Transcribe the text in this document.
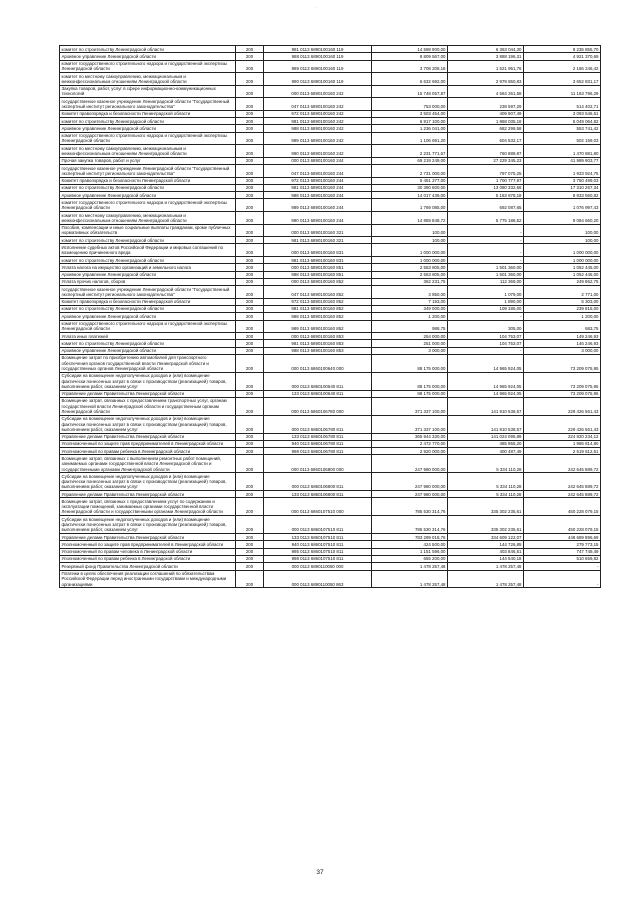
'
комитет по строительству Ленинградской области	200	981 0113 6890100160 119	14 598 900,00	6 363 044,30	8 235 855,70
Архивное управление Ленинградской области	200	988 0113 6890100160 119	8 809 567,00	3 888 196,31	4 921 370,69
комитет государственного строительного надзора и государственной экспертизы Ленинградской области	200	989 0113 6890100160 119	3 708 208,18	1 521 961,76	2 186 246,42
комитет по местному самоуправлению, межнациональным и межконфессиональным отношениям Ленинградской области	200	990 0113 6890100160 119	6 632 692,00	2 979 850,83	3 652 831,17
Закупка товаров, работ, услуг в сфере информационно-коммуникационных технологий	200	000 0113 6890100160 242	15 748 057,87	4 584 261,58	11 163 796,29
государственное казенное учреждение Ленинградской области "Государственный экспертный институт регионального законодательства"	200	047 0113 6890100160 242	753 000,00	238 597,29	514 402,71
Комитет правопорядка и безопасности Ленинградской области	200	972 0113 6890100160 242	3 503 454,00	409 907,49	3 093 546,51
комитет по строительству Ленинградской области	200	981 0113 6890100160 242	6 917 100,00	1 868 035,18	5 049 064,82
Архивное управление Ленинградской области	200	988 0113 6890100160 242	1 236 041,00	682 299,58	553 741,42
комитет государственного строительного надзора и государственной экспертизы Ленинградской области	200	989 0113 6890100160 242	1 106 691,20	604 532,17	502 159,03
комитет по местному самоуправлению, межнациональным и межконфессиональным отношениям Ленинградской области	200	990 0113 6890100160 242	2 231 771,67	760 889,87	1 470 881,80
Прочая закупка товаров, работ и услуг	200	000 0113 6890100160 244	69 219 249,00	27 229 345,23	41 989 903,77
государственное казенное учреждение Ленинградской области "Государственный экспертный институт регионального законодательства"	200	047 0113 6890100160 244	2 731 000,00	797 075,25	1 933 924,75
Комитет правопорядка и безопасности Ленинградской области	200	972 0113 6890100160 244	5 451 277,00	1 700 777,97	3 750 499,03
комитет по строительству Ленинградской области	200	981 0113 6890100160 244	30 390 600,00	13 080 332,66	17 310 267,34
Архивное управление Ленинградской области	200	988 0113 6890100160 244	14 017 439,00	5 183 878,18	8 833 560,82
комитет государственного строительного надзора и государственной экспертизы Ленинградской области	200	989 0113 6890100160 244	1 769 085,00	692 087,65	1 076 997,43
комитет по местному самоуправлению, межнациональным и межконфессиональным отношениям Ленинградской области	200	990 0113 6890100160 244	14 859 848,72	5 775 188,52	9 084 660,20
Пособия, компенсации и иные социальные выплаты гражданам, кроме публичных нормативных обязательств	200	000 0113 6890100160 321	100,00	-	100,00
комитет по строительству Ленинградской области	200	981 0113 6890100160 321	100,00	-	100,00
Исполнение судебных актов Российской Федерации и мировых соглашений по возмещению причиненного вреда	200	000 0113 6890100160 831	1 000 000,00	-	1 000 000,00
комитет по строительству Ленинградской области	200	981 0113 6890100160 831	1 000 000,00	-	1 000 000,00
Уплата налога на имущество организаций и земельного налога	200	000 0113 6890100160 851	2 553 805,00	1 501 360,00	1 052 445,00
Архивное управление Ленинградской области	200	988 0113 6890100160 851	2 553 805,00	1 501 360,00	1 052 445,00
Уплата прочих налогов, сборов	200	000 0113 6890100160 852	362 231,75	112 369,00	249 862,75
государственное казенное учреждение Ленинградской области "Государственный экспертный институт регионального законодательства"	200	047 0113 6890100160 852	3 850,00	1 079,00	2 771,00
Комитет правопорядка и безопасности Ленинградской области	200	972 0113 6890100160 852	7 193,00	1 890,00	5 303,00
комитет по строительству Ленинградской области	200	981 0113 6890100160 852	349 000,00	109 185,00	239 815,00
Архивное управление Ленинградской области	200	988 0113 6890100160 852	1 200,00	-	1 200,00
комитет государственного строительного надзора и государственной экспертизы Ленинградской области	200	989 0113 6890100160 852	988,75	305,00	683,75
Уплата иных платежей	200	000 0113 6890100160 853	254 000,00	104 753,07	149 246,93
комитет по строительству Ленинградской области	200	981 0113 6890100160 853	251 000,00	104 753,07	146 246,93
Архивное управление Ленинградской области	200	988 0113 6890100160 853	3 000,00	-	3 000,00
Возмещение затрат по приобретению автомобилей для транспортного обеспечения органов государственной власти Ленинградской области и государственных органов Ленинградской области	200	000 0113 6860100640 000	88 175 000,00	14 965 924,05	73 209 075,95
Субсидии на возмещение недополученных доходов и (или) возмещение фактически понесенных затрат в связи с производством (реализацией) товаров, выполнением работ, оказанием услуг	200	000 0113 6860100640 811	88 175 000,00	14 965 924,05	73 209 075,95
Управление делами Правительства Ленинградской области	200	133 0113 6860100640 811	88 175 000,00	14 965 924,05	73 209 075,95
Возмещение затрат, связанных с предоставлением транспортных услуг, органам государственной власти Ленинградской области и государственным органам Ленинградской области	200	000 0113 6860106780 000	371 337 100,00	141 910 538,57	229 426 561,43
Субсидии на возмещение недополученных доходов и (или) возмещение фактически понесенных затрат в связи с производством (реализацией) товаров, выполнением работ, оказанием услуг	200	000 0113 6860106780 811	371 337 100,00	141 910 538,57	229 426 561,43
Управление делами Правительства Ленинградской области	200	133 0113 6860106780 811	365 944 330,00	141 024 095,88	224 920 234,12
Уполномоченный по защите прав предпринимателей в Ленинградской области	200	940 0113 6860106780 811	2 472 770,00	485 955,20	1 986 814,80
Уполномоченный по правам ребенка в Ленинградской области	200	998 0113 6860106780 811	2 920 000,00	400 487,49	2 519 512,51
Возмещение затрат, связанных с выполнением ремонтных работ помещений, занимаемых органами государственной власти Ленинградской области и государственными органами Ленинградской области	200	000 0113 6860106800 000	247 980 000,00	5 334 110,28	242 645 889,72
Субсидии на возмещение недополученных доходов и (или) возмещение фактически понесенных затрат в связи с производством (реализацией) товаров, выполнением работ, оказанием услуг	200	000 0113 6860106800 811	247 980 000,00	5 334 110,28	242 645 889,72
Управление делами Правительства Ленинградской области	200	133 0113 6860106800 811	247 980 000,00	5 334 110,28	242 645 889,72
Возмещение затрат, связанных с предоставлением услуг по содержанию и эксплуатации помещений, занимаемых органами государственной власти Ленинградской области и государственными органами Ленинградской области	200	000 0113 6860107510 000	785 530 314,76	335 302 235,61	450 228 079,15
Субсидии на возмещение недополученных доходов и (или) возмещение фактически понесенных затрат в связи с производством (реализацией) товаров, выполнением работ, оказанием услуг	200	000 0113 6860107510 811	785 530 314,76	335 302 235,61	450 228 079,15
Управление делами Правительства Ленинградской области	200	133 0113 6860107510 811	783 299 018,76	334 609 122,07	448 689 896,69
Уполномоченный по защите прав предпринимателей в Ленинградской области	200	940 0113 6860107510 811	424 500,00	144 726,85	279 773,15
Уполномоченный по правам человека в Ленинградской области	200	995 0113 6860107510 811	1 151 596,00	403 846,51	747 749,49
Уполномоченный по правам ребенка в Ленинградской области	200	998 0113 6860107510 811	655 200,00	144 540,18	510 659,82
Резервный фонд Правительства Ленинградской области	200	000 0113 6890110050 000	1 478 257,48	1 478 257,48	-
Платежи в целях обеспечения реализации соглашений по обязательствам Российской Федерации перед иностранными государствами и международными организациями	200	000 0113 6890110050 863	1 478 257,48	1 478 257,48	-
37
